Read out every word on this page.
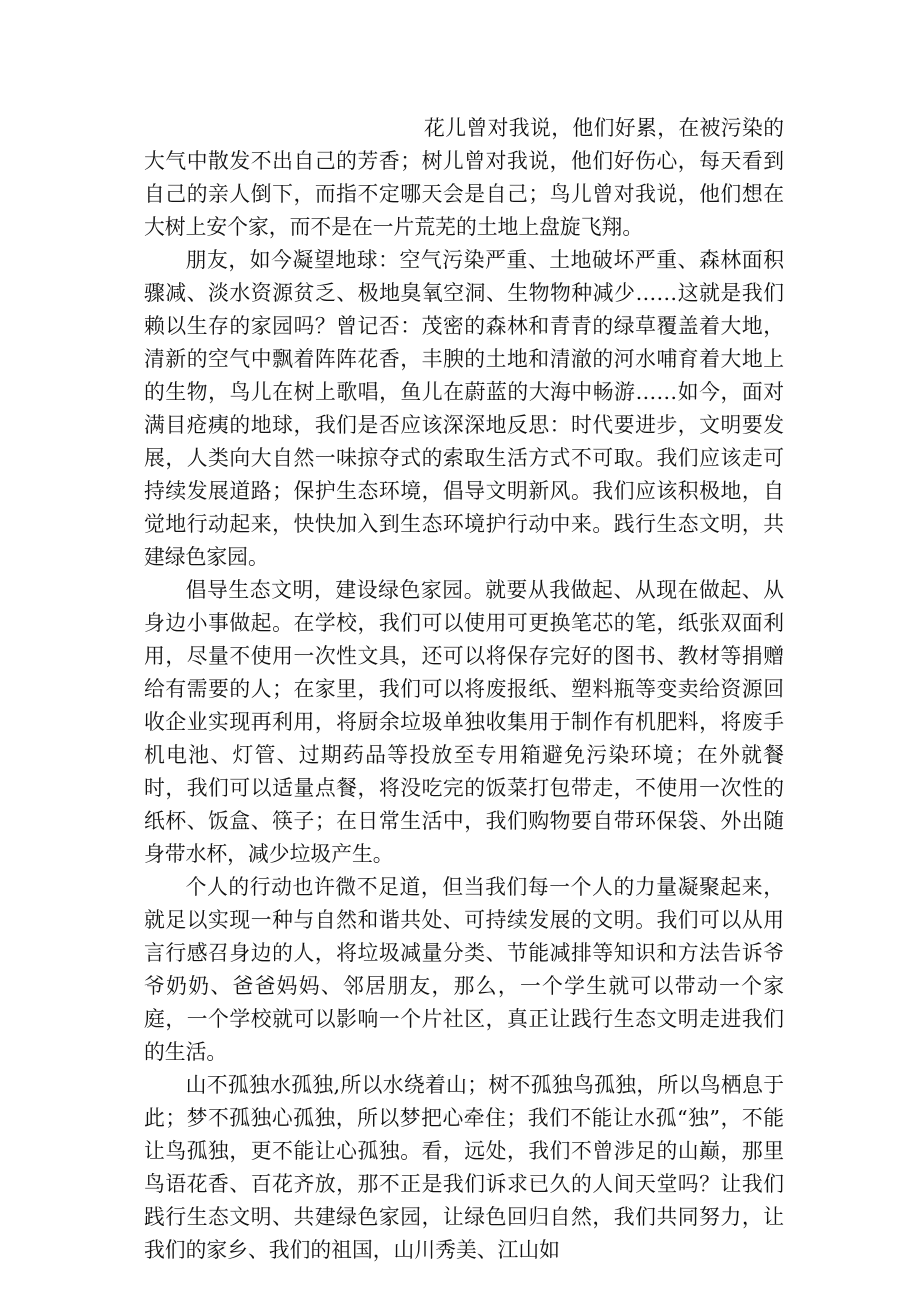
花儿曾对我说，他们好累，在被污染的大气中散发不出自己的芳香；树儿曾对我说，他们好伤心，每天看到自己的亲人倒下，而指不定哪天会是自己；鸟儿曾对我说，他们想在大树上安个家，而不是在一片荒芜的土地上盘旋飞翔。

朋友，如今凝望地球：空气污染严重、土地破坏严重、森林面积骤减、淡水资源贫乏、极地臭氧空洞、生物物种减少……这就是我们赖以生存的家园吗？曾记否：茂密的森林和青青的绿草覆盖着大地，清新的空气中飘着阵阵花香，丰腴的土地和清澈的河水哺育着大地上的生物，鸟儿在树上歌唱，鱼儿在蔚蓝的大海中畅游……如今，面对满目疮痍的地球，我们是否应该深深地反思：时代要进步，文明要发展，人类向大自然一味掠夺式的索取生活方式不可取。我们应该走可持续发展道路；保护生态环境，倡导文明新风。我们应该积极地，自觉地行动起来，快快加入到生态环境护行动中来。践行生态文明，共建绿色家园。

倡导生态文明，建设绿色家园。就要从我做起、从现在做起、从身边小事做起。在学校，我们可以使用可更换笔芯的笔，纸张双面利用，尽量不使用一次性文具，还可以将保存完好的图书、教材等捐赠给有需要的人；在家里，我们可以将废报纸、塑料瓶等变卖给资源回收企业实现再利用，将厨余垃圾单独收集用于制作有机肥料，将废手机电池、灯管、过期药品等投放至专用箱避免污染环境；在外就餐时，我们可以适量点餐，将没吃完的饭菜打包带走，不使用一次性的纸杯、饭盒、筷子；在日常生活中，我们购物要自带环保袋、外出随身带水杯，减少垃圾产生。

个人的行动也许微不足道，但当我们每一个人的力量凝聚起来，就足以实现一种与自然和谐共处、可持续发展的文明。我们可以从用言行感召身边的人，将垃圾减量分类、节能减排等知识和方法告诉爷爷奶奶、爸爸妈妈、邻居朋友，那么，一个学生就可以带动一个家庭，一个学校就可以影响一个片社区，真正让践行生态文明走进我们的生活。

山不孤独水孤独,所以水绕着山；树不孤独鸟孤独，所以鸟栖息于此；梦不孤独心孤独，所以梦把心牵住；我们不能让水孤“独”，不能让鸟孤独，更不能让心孤独。看，远处，我们不曾涉足的山巅，那里鸟语花香、百花齐放，那不正是我们诉求已久的人间天堂吗？让我们践行生态文明、共建绿色家园，让绿色回归自然，我们共同努力，让我们的家乡、我们的祖国，山川秀美、江山如
